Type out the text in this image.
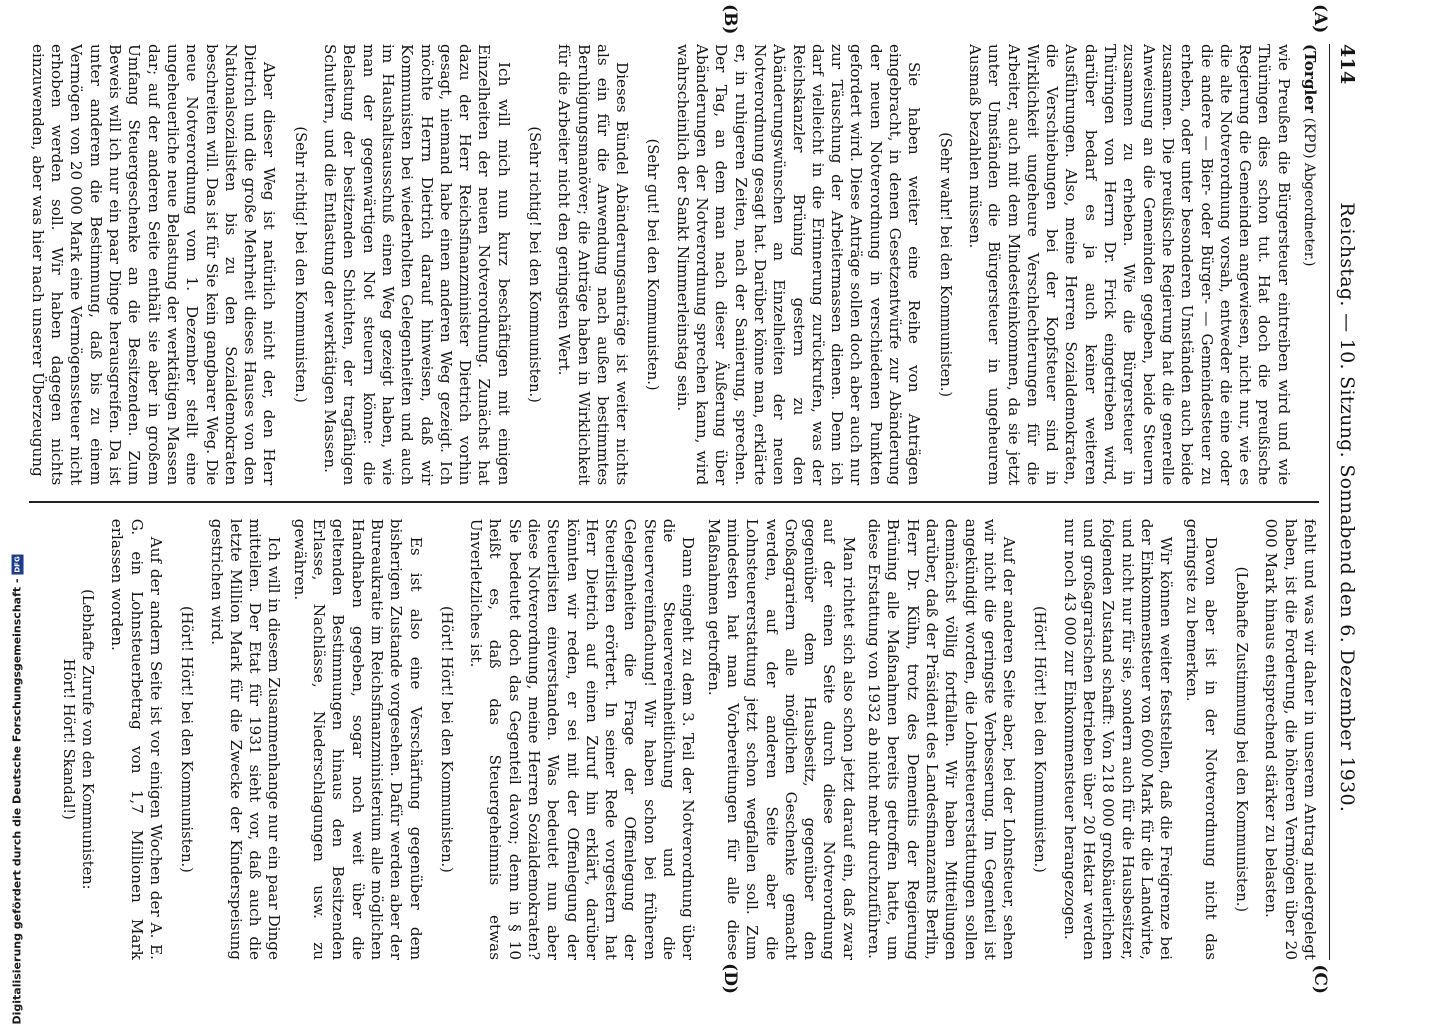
414
Reichstag. — 10. Sitzung. Sonnabend den 6. Dezember 1930.
(A)
(B)
(C)
(D)

(Torgler (KPD) Abgeordneter.)

wie Preußen die Bürgersteuer eintreiben wird und wie Thüringen dies schon tut. Hat doch die preußische Regierung die Gemeinden angewiesen, nicht nur, wie es die alte Notverordnung vorsah, entweder die eine oder die andere — Bier- oder Bürger- — Gemeindesteuer zu erheben, oder unter besonderen Umständen auch beide zusammen. Die preußische Regierung hat die generelle Anweisung an die Gemeinden gegeben, beide Steuern zusammen zu erheben. Wie die Bürgersteuer in Thüringen von Herrn Dr. Frick eingetrieben wird, darüber bedarf es ja auch keiner weiteren Ausführungen. Also, meine Herren Sozialdemokraten, die Verschiebungen bei der Kopfsteuer sind in Wirklichkeit ungeheure Verschlechterungen für die Arbeiter, auch mit dem Mindesteinkommen, da sie jetzt unter Umständen die Bürgersteuer in ungeheurem Ausmaß bezahlen müssen.

(Sehr wahr! bei den Kommunisten.)

Sie haben weiter eine Reihe von Anträgen eingebracht, in denen Gesetzentwürfe zur Abänderung der neuen Notverordnung in verschiedenen Punkten gefordert wird. Diese Anträge sollen doch aber auch nur zur Täuschung der Arbeitermassen dienen. Denn ich darf vielleicht in die Erinnerung zurückrufen, was der Reichskanzler Brüning gestern zu den Abänderungswünschen an Einzelheiten der neuen Notverordnung gesagt hat. Darüber könne man, erklärte er, in ruhigeren Zeiten, nach der Sanierung, sprechen. Der Tag, an dem man nach dieser Äußerung über Abänderungen der Notverordnung sprechen kann, wird wahrscheinlich der Sankt Nimmerleinstag sein.

(Sehr gut! bei den Kommunisten.)

Dieses Bündel Abänderungsanträge ist weiter nichts als ein für die Anwendung nach außen bestimmtes Beruhigungsmanöver; die Anträge haben in Wirklichkeit für die Arbeiter nicht den geringsten Wert.

(Sehr richtig! bei den Kommunisten.)

Ich will mich nun kurz beschäftigen mit einigen Einzelheiten der neuen Notverordnung. Zunächst hat dazu der Herr Reichsfinanzminister Dietrich vorhin gesagt, niemand habe einen anderen Weg gezeigt. Ich möchte Herrn Dietrich darauf hinweisen, daß wir Kommunisten bei wiederholten Gelegenheiten und auch im Haushaltsausschuß einen Weg gezeigt haben, wie man der gegenwärtigen Not steuern könne: die Belastung der besitzenden Schichten, der tragfähigen Schultern, und die Entlastung der werktätigen Massen.

(Sehr richtig! bei den Kommunisten.)

Aber dieser Weg ist natürlich nicht der, den Herr Dietrich und die große Mehrheit dieses Hauses von den Nationalsozialisten bis zu den Sozialdemokraten beschreiten will. Das ist für Sie kein gangbarer Weg. Die neue Notverordnung vom 1. Dezember stellt eine ungeheuerliche neue Belastung der werktätigen Massen dar; auf der anderen Seite enthält sie aber in großem Umfang Steuergeschenke an die Besitzenden. Zum Beweis will ich nur ein paar Dinge herausgreifen. Da ist unter anderem die Bestimmung, daß bis zu einem Vermögen von 20 000 Mark eine Vermögenssteuer nicht erhoben werden soll. Wir haben dagegen nichts einzuwenden, aber was hier nach unserer Überzeugung

fehlt und was wir daher in unserem Antrag niedergelegt haben, ist die Forderung, die höheren Vermögen über 20 000 Mark hinaus entsprechend stärker zu belasten.

(Lebhafte Zustimmung bei den Kommunisten.)

Davon aber ist in der Notverordnung nicht das geringste zu bemerken.

Wir können weiter feststellen, daß die Freigrenze bei der Einkommensteuer von 6000 Mark für die Landwirte, und nicht nur für sie, sondern auch für die Hausbesitzer, folgenden Zustand schafft: Von 218 000 großbäuerlichen und großagrarischen Betrieben über 20 Hektar werden nur noch 43 000 zur Einkommensteuer herangezogen.

(Hört! Hört! bei den Kommunisten.)

Auf der anderen Seite aber, bei der Lohnsteuer, sehen wir nicht die geringste Verbesserung. Im Gegenteil ist angekündigt worden, die Lohnsteuererstattungen sollen demnächst völlig fortfallen. Wir haben Mitteilungen darüber, daß der Präsident des Landesfinanzamts Berlin, Herr Dr. Kühn, trotz des Dementis der Regierung Brüning alle Maßnahmen bereits getroffen hatte, um diese Erstattung von 1932 ab nicht mehr durchzuführen.

Man richtet sich also schon jetzt darauf ein, daß zwar auf der einen Seite durch diese Notverordnung gegenüber dem Hausbesitz, gegenüber den Großagrariern alle möglichen Geschenke gemacht werden, auf der anderen Seite aber die Lohnsteuererstattung jetzt schon wegfallen soll. Zum mindesten hat man Vorbereitungen für alle diese Maßnahmen getroffen.

Dann eingeht zu dem 3. Teil der Notverordnung über die Steuervereinheitlichung und die Steuervereinfachung! Wir haben schon bei früheren Gelegenheiten die Frage der Offenlegung der Steuerlisten erörtert. In seiner Rede vorgestern hat Herr Dietrich auf einen Zuruf hin erklärt, darüber könnten wir reden, er sei mit der Offenlegung der Steuerlisten einverstanden. Was bedeutet nun aber diese Notverordnung, meine Herren Sozialdemokraten? Sie bedeutet doch das Gegenteil davon; denn in § 10 heißt es, daß das Steuergeheimnis etwas Unverletzliches ist.

(Hört! Hört! bei den Kommunisten.)

Es ist also eine Verschärfung gegenüber dem bisherigen Zustande vorgesehen. Dafür werden aber der Bureaukratie im Reichsfinanzministerium alle möglichen Handhaben gegeben, sogar noch weit über die geltenden Bestimmungen hinaus den Besitzenden Erlasse, Nachlässe, Niederschlagungen usw. zu gewähren.

Ich will in diesem Zusammenhange nur ein paar Dinge mitteilen. Der Etat für 1931 sieht vor, daß auch die letzte Million Mark für die Zwecke der Kinderspeisung gestrichen wird.

(Hört! Hört! bei den Kommunisten.)

Auf der andern Seite ist vor einigen Wochen der A. E. G. ein Lohnsteuerbetrag von 1,7 Millionen Mark erlassen worden.

(Lebhafte Zurufe von den Kommunisten:

Hört! Hört! Skandal!)

Digitalisierung gefördert durch die Deutsche Forschungsgemeinschaft -
DFG
